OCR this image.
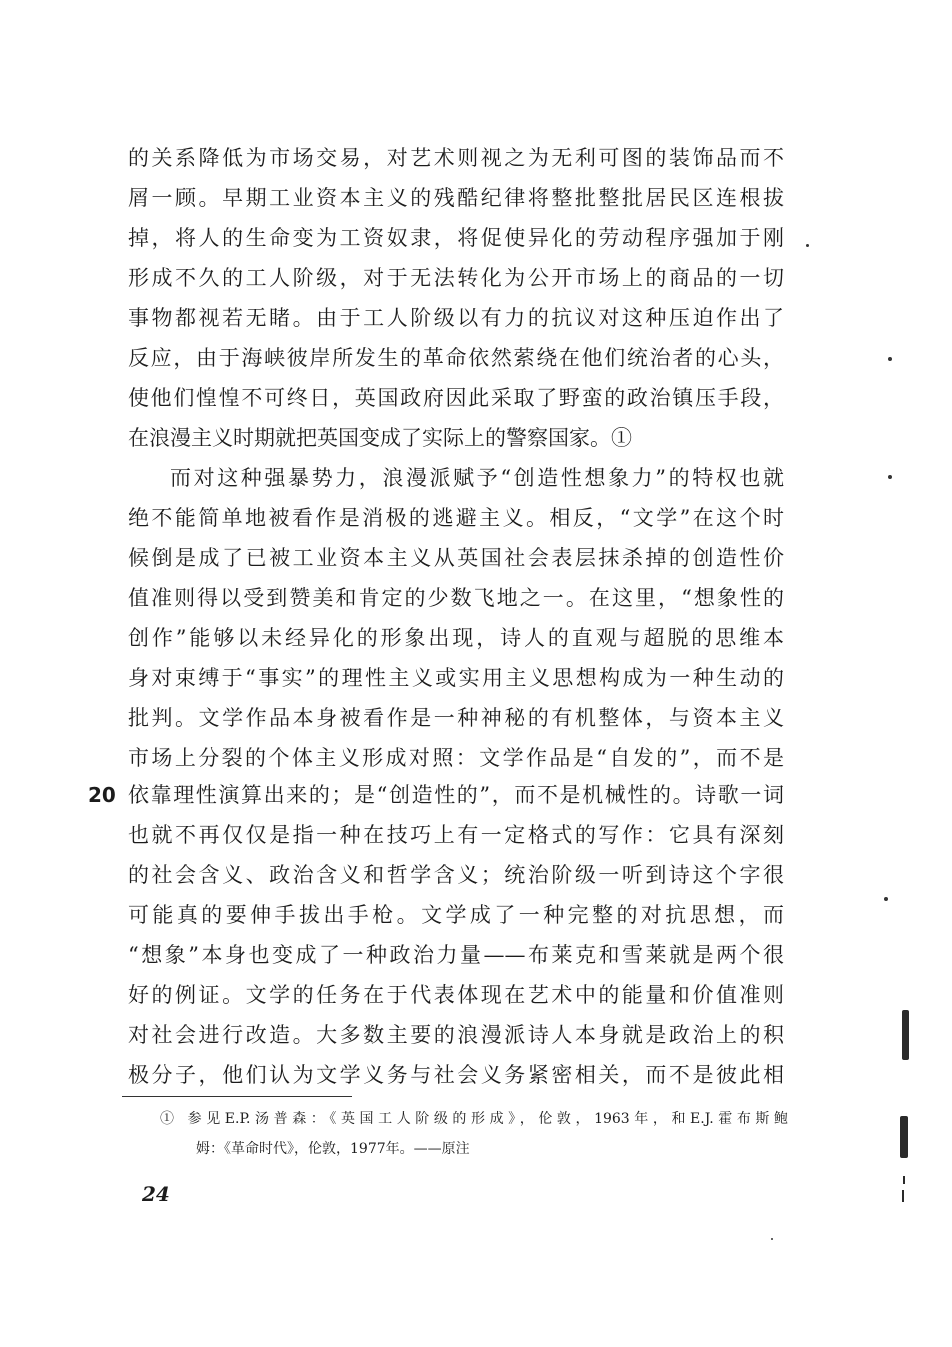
的关系降低为市场交易，对艺术则视之为无利可图的装饰品而不
屑一顾。早期工业资本主义的残酷纪律将整批整批居民区连根拔
掉，将人的生命变为工资奴隶，将促使异化的劳动程序强加于刚
形成不久的工人阶级，对于无法转化为公开市场上的商品的一切
事物都视若无睹。由于工人阶级以有力的抗议对这种压迫作出了
反应，由于海峡彼岸所发生的革命依然萦绕在他们统治者的心头，
使他们惶惶不可终日，英国政府因此采取了野蛮的政治镇压手段，
在浪漫主义时期就把英国变成了实际上的警察国家。①
而对这种强暴势力，浪漫派赋予“创造性想象力”的特权也就
绝不能简单地被看作是消极的逃避主义。相反，“文学”在这个时
候倒是成了已被工业资本主义从英国社会表层抹杀掉的创造性价
值准则得以受到赞美和肯定的少数飞地之一。在这里，“想象性的
创作”能够以未经异化的形象出现，诗人的直观与超脱的思维本
身对束缚于“事实”的理性主义或实用主义思想构成为一种生动的
批判。文学作品本身被看作是一种神秘的有机整体，与资本主义
市场上分裂的个体主义形成对照：文学作品是“自发的”，而不是
依靠理性演算出来的；是“创造性的”，而不是机械性的。诗歌一词
也就不再仅仅是指一种在技巧上有一定格式的写作：它具有深刻
的社会含义、政治含义和哲学含义；统治阶级一听到诗这个字很
可能真的要伸手拔出手枪。文学成了一种完整的对抗思想，而
“想象”本身也变成了一种政治力量——布莱克和雪莱就是两个很
好的例证。文学的任务在于代表体现在艺术中的能量和价值准则
对社会进行改造。大多数主要的浪漫派诗人本身就是政治上的积
极分子，他们认为文学义务与社会义务紧密相关，而不是彼此相
20
① 参见E.P.汤普森：《英国工人阶级的形成》，伦敦，1963年，和E.J.霍布斯鲍
姆：《革命时代》，伦敦，1977年。——原注
24
